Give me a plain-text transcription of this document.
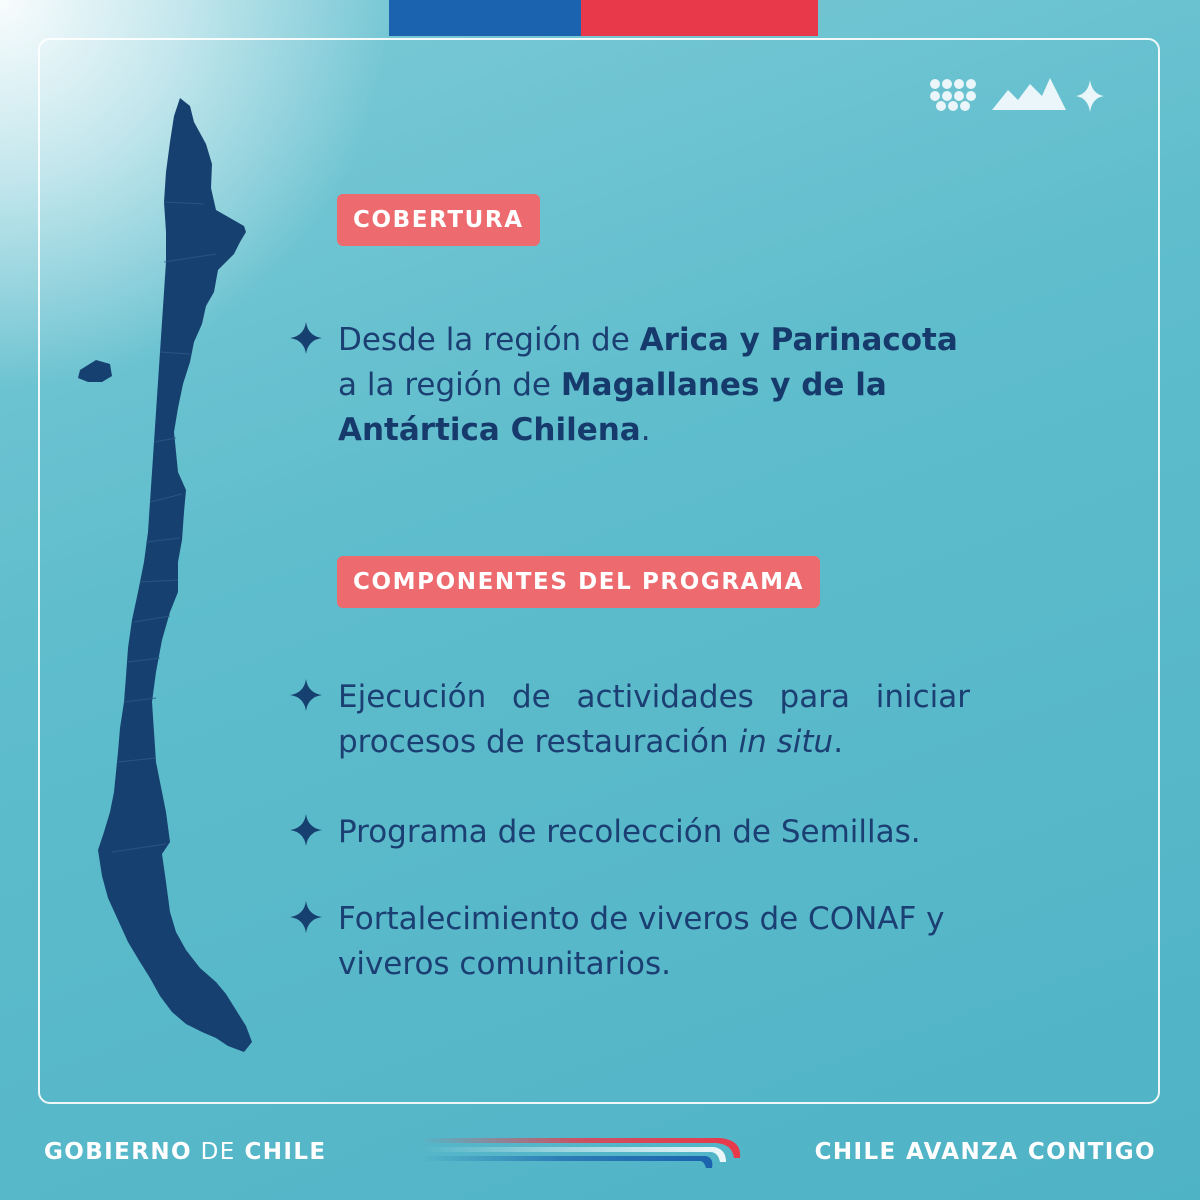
COBERTURA
Desde la región de Arica y Parinacota
a la región de Magallanes y de la Antártica Chilena.
COMPONENTES DEL PROGRAMA
Ejecución de actividades para iniciar procesos de restauración in situ.
Programa de recolección de Semillas.
Fortalecimiento de viveros de CONAF y viveros comunitarios.
GOBIERNO DE CHILE	CHILE AVANZA CONTIGO
